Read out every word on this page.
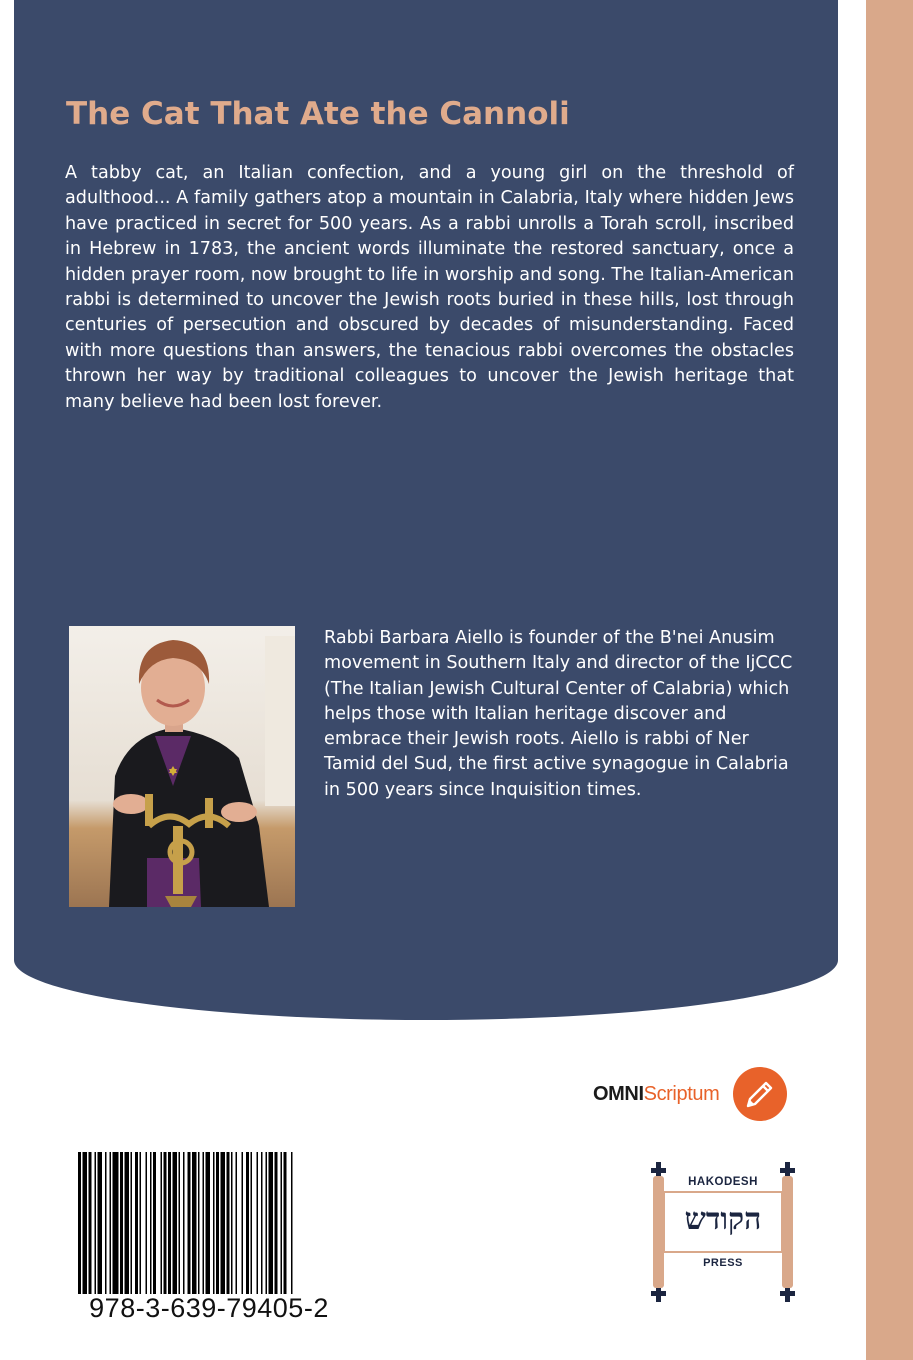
The Cat That Ate the Cannoli

A tabby cat, an Italian confection, and a young girl on the threshold of adulthood... A family gathers atop a mountain in Calabria, Italy where hidden Jews have practiced in secret for 500 years. As a rabbi unrolls a Torah scroll, inscribed in Hebrew in 1783, the ancient words illuminate the restored sanctuary, once a hidden prayer room, now brought to life in worship and song. The Italian-American rabbi is determined to uncover the Jewish roots buried in these hills, lost through centuries of persecution and obscured by decades of misunderstanding. Faced with more questions than answers, the tenacious rabbi overcomes the obstacles thrown her way by traditional colleagues to uncover the Jewish heritage that many believe had been lost forever.

Rabbi Barbara Aiello is founder of the B'nei Anusim movement in Southern Italy and director of the IjCCC (The Italian Jewish Cultural Center of Calabria) which helps those with Italian heritage discover and embrace their Jewish roots. Aiello is rabbi of Ner Tamid del Sud, the first active synagogue in Calabria in 500 years since Inquisition times.

OMNIScriptum
978-3-639-79405-2
HAKODESH
הקודש
PRESS
